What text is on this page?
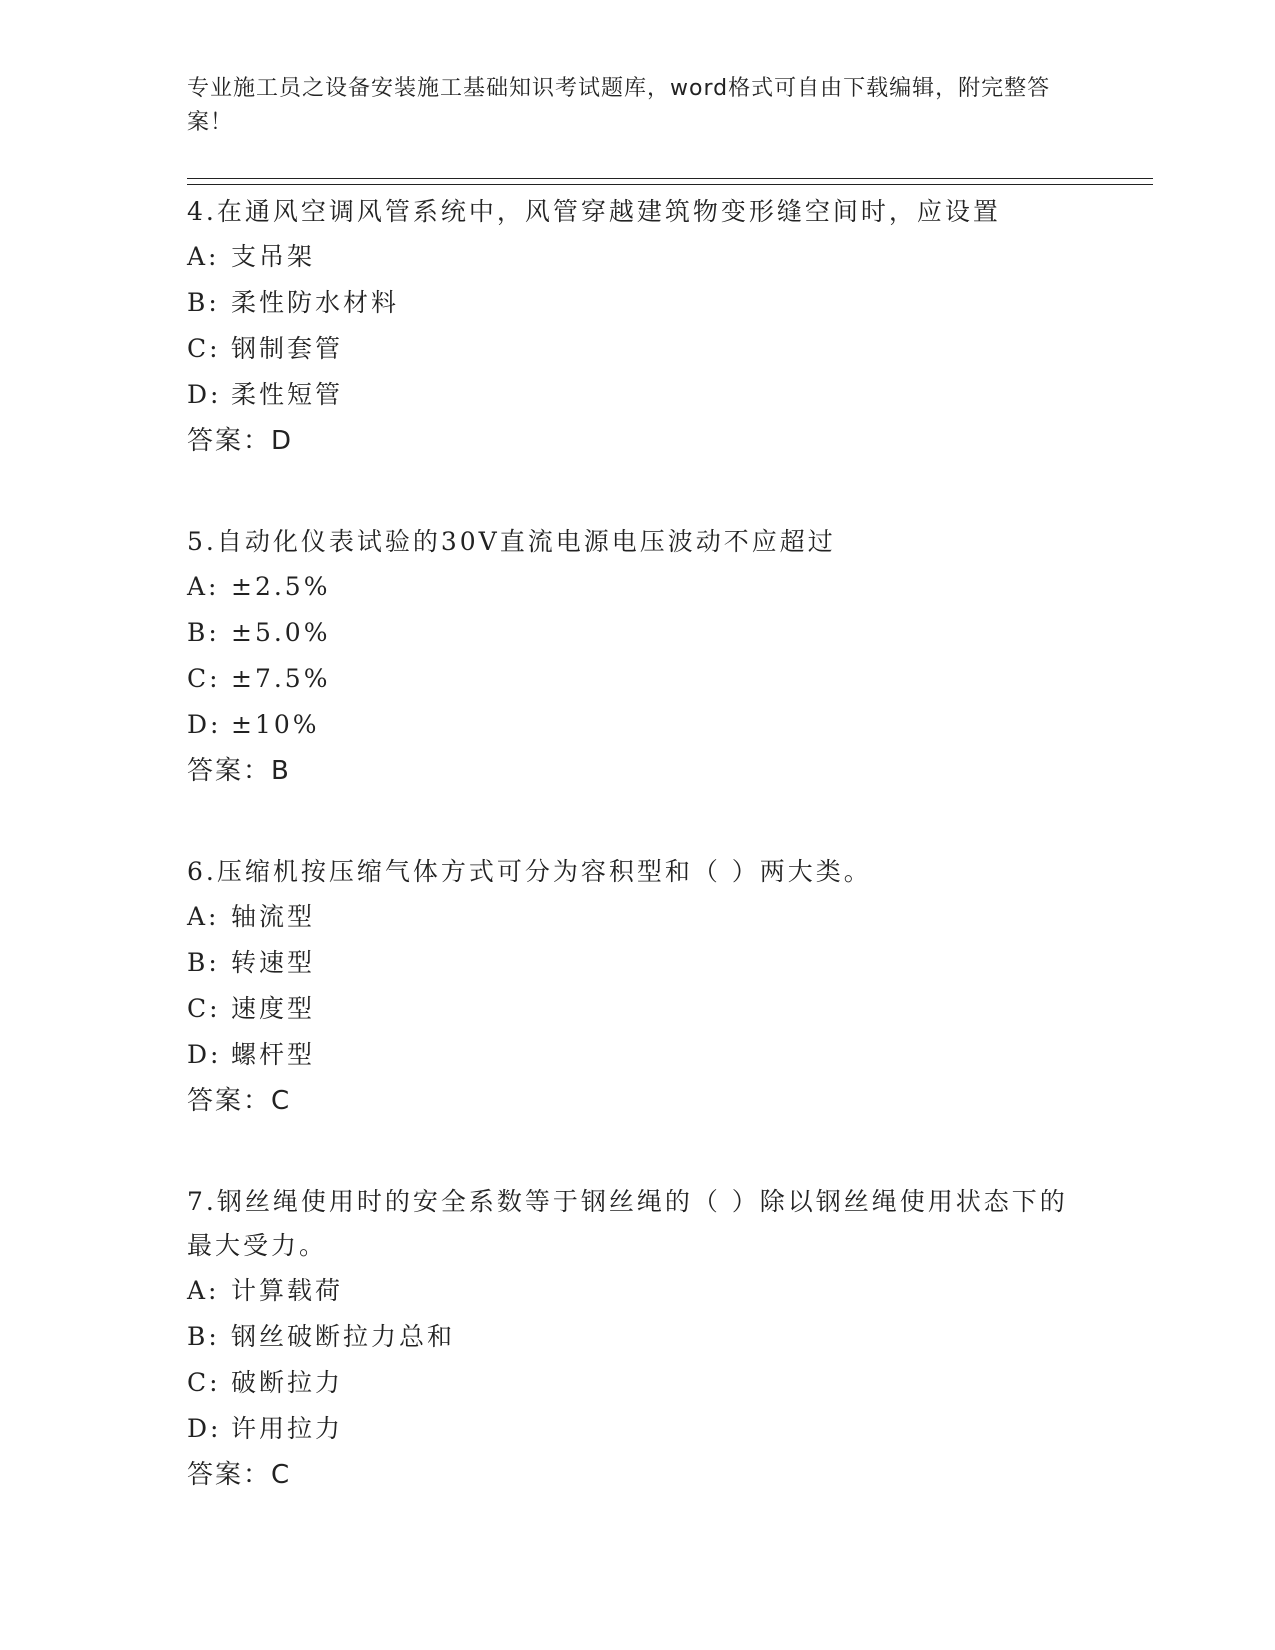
专业施工员之设备安装施工基础知识考试题库，word格式可自由下载编辑，附完整答案！
4.在通风空调风管系统中，风管穿越建筑物变形缝空间时，应设置
A: 支吊架
B: 柔性防水材料
C: 钢制套管
D: 柔性短管
答案：D
5.自动化仪表试验的30V直流电源电压波动不应超过
A: ±2.5%
B: ±5.0%
C: ±7.5%
D: ±10%
答案：B
6.压缩机按压缩气体方式可分为容积型和（ ）两大类。
A: 轴流型
B: 转速型
C: 速度型
D: 螺杆型
答案：C
7.钢丝绳使用时的安全系数等于钢丝绳的（ ）除以钢丝绳使用状态下的最大受力。
A: 计算载荷
B: 钢丝破断拉力总和
C: 破断拉力
D: 许用拉力
答案：C
